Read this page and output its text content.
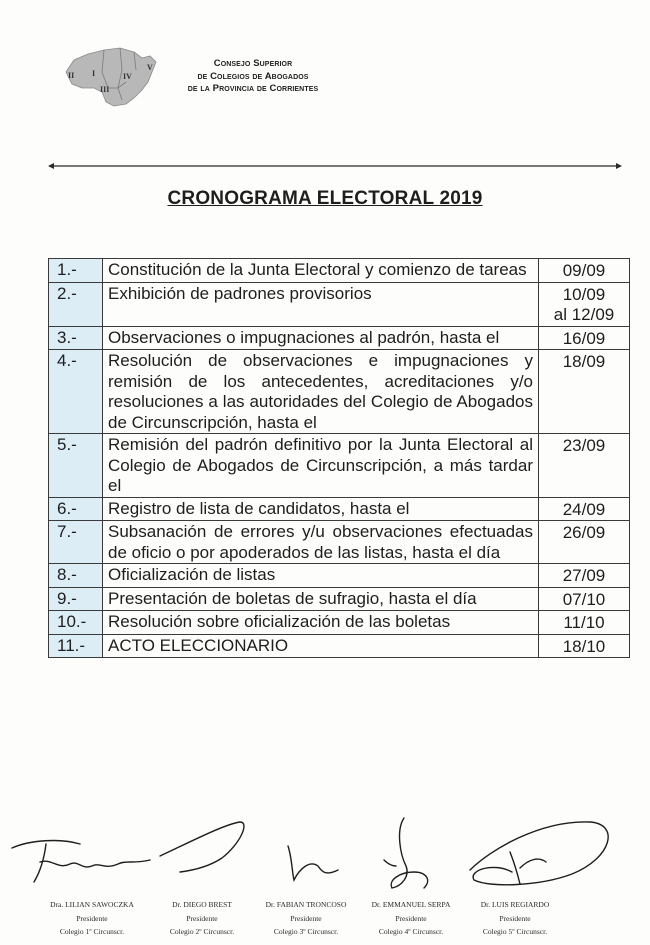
II I	IV
III
V	Consejo Superior
de Colegios de Abogados
de la Provincia de Corrientes
CRONOGRAMA ELECTORAL 2019
1.-	Constitución de la Junta Electoral y comienzo de tareas	09/09

2.-	Exhibición de padrones provisorios	10/09
al 12/09

3.-	Observaciones o impugnaciones al padrón, hasta el	16/09

4.-	Resolución de observaciones e impugnaciones y remisión de los antecedentes, acreditaciones y/o resoluciones a las autoridades del Colegio de Abogados de Circunscripción, hasta el	18/09

5.-	Remisión del padrón definitivo por la Junta Electoral al Colegio de Abogados de Circunscripción, a más tardar el	23/09

6.-	Registro de lista de candidatos, hasta el	24/09

7.-	Subsanación de errores y/u observaciones efectuadas de oficio o por apoderados de las listas, hasta el día	26/09

8.-	Oficialización de listas	27/09

9.-	Presentación de boletas de sufragio, hasta el día	07/10

10.-	Resolución sobre oficialización de las boletas	11/10

11.-	ACTO ELECCIONARIO	18/10
Dra. LILIAN SAWOCZKA
Presidente
Colegio 1º Circunscr.
Dr. DIEGO BREST
Presidente
Colegio 2º Circunscr.
Dr. FABIAN TRONCOSO
Presidente
Colegio 3º Circunscr.
Dr. EMMANUEL SERPA
Presidente
Colegio 4º Circunscr.
Dr. LUIS REGIARDO
Presidente
Colegio 5º Circunscr.
